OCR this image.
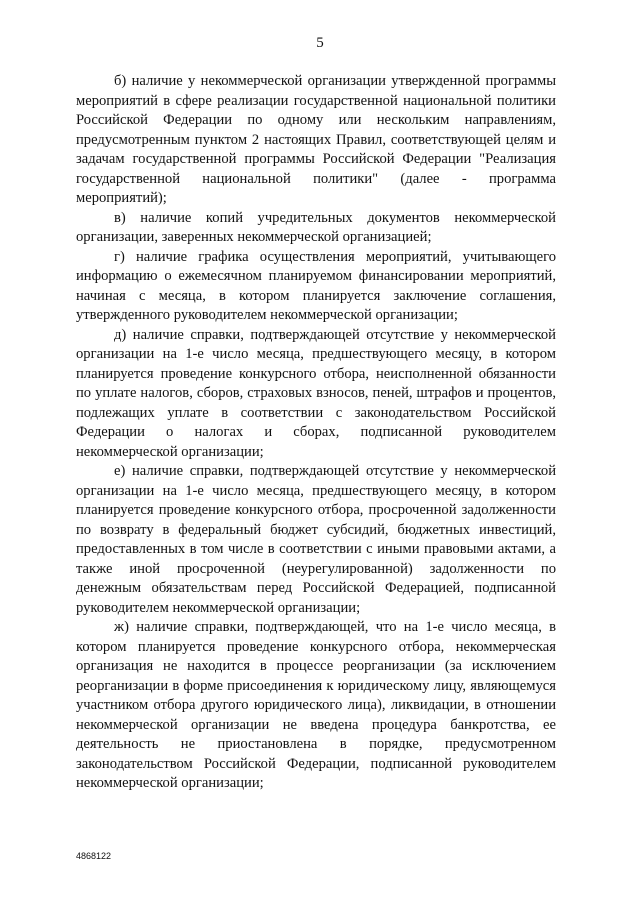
5

б) наличие у некоммерческой организации утвержденной программы мероприятий в сфере реализации государственной национальной политики Российской Федерации по одному или нескольким направлениям, предусмотренным пунктом 2 настоящих Правил, соответствующей целям и задачам государственной программы Российской Федерации "Реализация государственной национальной политики" (далее - программа мероприятий);

в) наличие копий учредительных документов некоммерческой организации, заверенных некоммерческой организацией;

г) наличие графика осуществления мероприятий, учитывающего информацию о ежемесячном планируемом финансировании мероприятий, начиная с месяца, в котором планируется заключение соглашения, утвержденного руководителем некоммерческой организации;

д) наличие справки, подтверждающей отсутствие у некоммерческой организации на 1-е число месяца, предшествующего месяцу, в котором планируется проведение конкурсного отбора, неисполненной обязанности по уплате налогов, сборов, страховых взносов, пеней, штрафов и процентов, подлежащих уплате в соответствии с законодательством Российской Федерации о налогах и сборах, подписанной руководителем некоммерческой организации;

е) наличие справки, подтверждающей отсутствие у некоммерческой организации на 1-е число месяца, предшествующего месяцу, в котором планируется проведение конкурсного отбора, просроченной задолженности по возврату в федеральный бюджет субсидий, бюджетных инвестиций, предоставленных в том числе в соответствии с иными правовыми актами, а также иной просроченной (неурегулированной) задолженности по денежным обязательствам перед Российской Федерацией, подписанной руководителем некоммерческой организации;

ж) наличие справки, подтверждающей, что на 1-е число месяца, в котором планируется проведение конкурсного отбора, некоммерческая организация не находится в процессе реорганизации (за исключением реорганизации в форме присоединения к юридическому лицу, являющемуся участником отбора другого юридического лица), ликвидации, в отношении некоммерческой организации не введена процедура банкротства, ее деятельность не приостановлена в порядке, предусмотренном законодательством Российской Федерации, подписанной руководителем некоммерческой организации;

4868122
